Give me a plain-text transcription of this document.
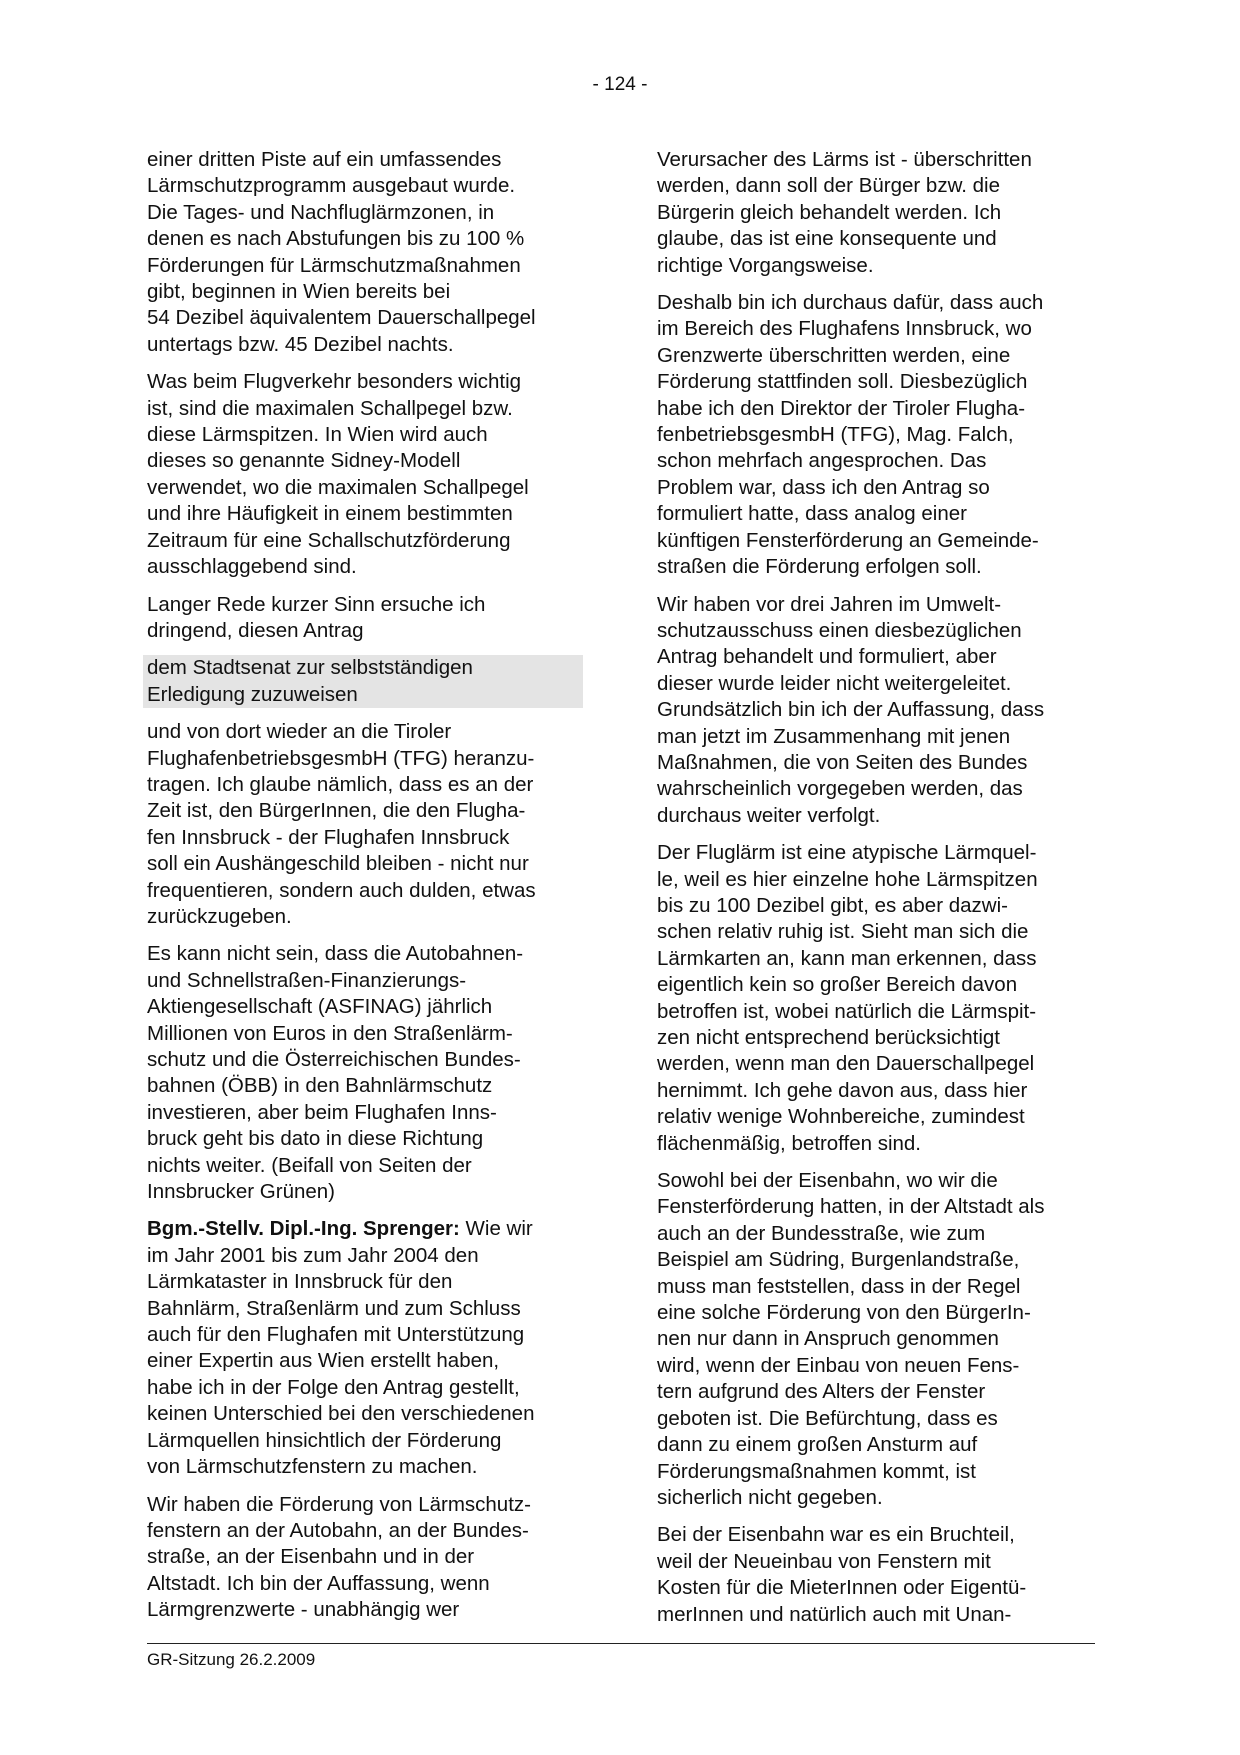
- 124 -

einer dritten Piste auf ein umfassendes
Lärmschutzprogramm ausgebaut wurde.
Die Tages- und Nachfluglärmzonen, in
denen es nach Abstufungen bis zu 100 %
Förderungen für Lärmschutzmaßnahmen
gibt, beginnen in Wien bereits bei
54 Dezibel äquivalentem Dauerschallpegel
untertags bzw. 45 Dezibel nachts.

Was beim Flugverkehr besonders wichtig
ist, sind die maximalen Schallpegel bzw.
diese Lärmspitzen. In Wien wird auch
dieses so genannte Sidney-Modell
verwendet, wo die maximalen Schallpegel
und ihre Häufigkeit in einem bestimmten
Zeitraum für eine Schallschutzförderung
ausschlaggebend sind.

Langer Rede kurzer Sinn ersuche ich
dringend, diesen Antrag

dem Stadtsenat zur selbstständigen
Erledigung zuzuweisen

und von dort wieder an die Tiroler
FlughafenbetriebsgesmbH (TFG) heranzu-
tragen. Ich glaube nämlich, dass es an der
Zeit ist, den BürgerInnen, die den Flugha-
fen Innsbruck - der Flughafen Innsbruck
soll ein Aushängeschild bleiben - nicht nur
frequentieren, sondern auch dulden, etwas
zurückzugeben.

Es kann nicht sein, dass die Autobahnen-
und Schnellstraßen-Finanzierungs-
Aktiengesellschaft (ASFINAG) jährlich
Millionen von Euros in den Straßenlärm-
schutz und die Österreichischen Bundes-
bahnen (ÖBB) in den Bahnlärmschutz
investieren, aber beim Flughafen Inns-
bruck geht bis dato in diese Richtung
nichts weiter. (Beifall von Seiten der
Innsbrucker Grünen)

Bgm.-Stellv. Dipl.-Ing. Sprenger: Wie wir
im Jahr 2001 bis zum Jahr 2004 den
Lärmkataster in Innsbruck für den
Bahnlärm, Straßenlärm und zum Schluss
auch für den Flughafen mit Unterstützung
einer Expertin aus Wien erstellt haben,
habe ich in der Folge den Antrag gestellt,
keinen Unterschied bei den verschiedenen
Lärmquellen hinsichtlich der Förderung
von Lärmschutzfenstern zu machen.

Wir haben die Förderung von Lärmschutz-
fenstern an der Autobahn, an der Bundes-
straße, an der Eisenbahn und in der
Altstadt. Ich bin der Auffassung, wenn
Lärmgrenzwerte - unabhängig wer

Verursacher des Lärms ist - überschritten
werden, dann soll der Bürger bzw. die
Bürgerin gleich behandelt werden. Ich
glaube, das ist eine konsequente und
richtige Vorgangsweise.

Deshalb bin ich durchaus dafür, dass auch
im Bereich des Flughafens Innsbruck, wo
Grenzwerte überschritten werden, eine
Förderung stattfinden soll. Diesbezüglich
habe ich den Direktor der Tiroler Flugha-
fenbetriebsgesmbH (TFG), Mag. Falch,
schon mehrfach angesprochen. Das
Problem war, dass ich den Antrag so
formuliert hatte, dass analog einer
künftigen Fensterförderung an Gemeinde-
straßen die Förderung erfolgen soll.

Wir haben vor drei Jahren im Umwelt-
schutzausschuss einen diesbezüglichen
Antrag behandelt und formuliert, aber
dieser wurde leider nicht weitergeleitet.
Grundsätzlich bin ich der Auffassung, dass
man jetzt im Zusammenhang mit jenen
Maßnahmen, die von Seiten des Bundes
wahrscheinlich vorgegeben werden, das
durchaus weiter verfolgt.

Der Fluglärm ist eine atypische Lärmquel-
le, weil es hier einzelne hohe Lärmspitzen
bis zu 100 Dezibel gibt, es aber dazwi-
schen relativ ruhig ist. Sieht man sich die
Lärmkarten an, kann man erkennen, dass
eigentlich kein so großer Bereich davon
betroffen ist, wobei natürlich die Lärmspit-
zen nicht entsprechend berücksichtigt
werden, wenn man den Dauerschallpegel
hernimmt. Ich gehe davon aus, dass hier
relativ wenige Wohnbereiche, zumindest
flächenmäßig, betroffen sind.

Sowohl bei der Eisenbahn, wo wir die
Fensterförderung hatten, in der Altstadt als
auch an der Bundesstraße, wie zum
Beispiel am Südring, Burgenlandstraße,
muss man feststellen, dass in der Regel
eine solche Förderung von den BürgerIn-
nen nur dann in Anspruch genommen
wird, wenn der Einbau von neuen Fens-
tern aufgrund des Alters der Fenster
geboten ist. Die Befürchtung, dass es
dann zu einem großen Ansturm auf
Förderungsmaßnahmen kommt, ist
sicherlich nicht gegeben.

Bei der Eisenbahn war es ein Bruchteil,
weil der Neueinbau von Fenstern mit
Kosten für die MieterInnen oder Eigentü-
merInnen und natürlich auch mit Unan-

GR-Sitzung 26.2.2009
